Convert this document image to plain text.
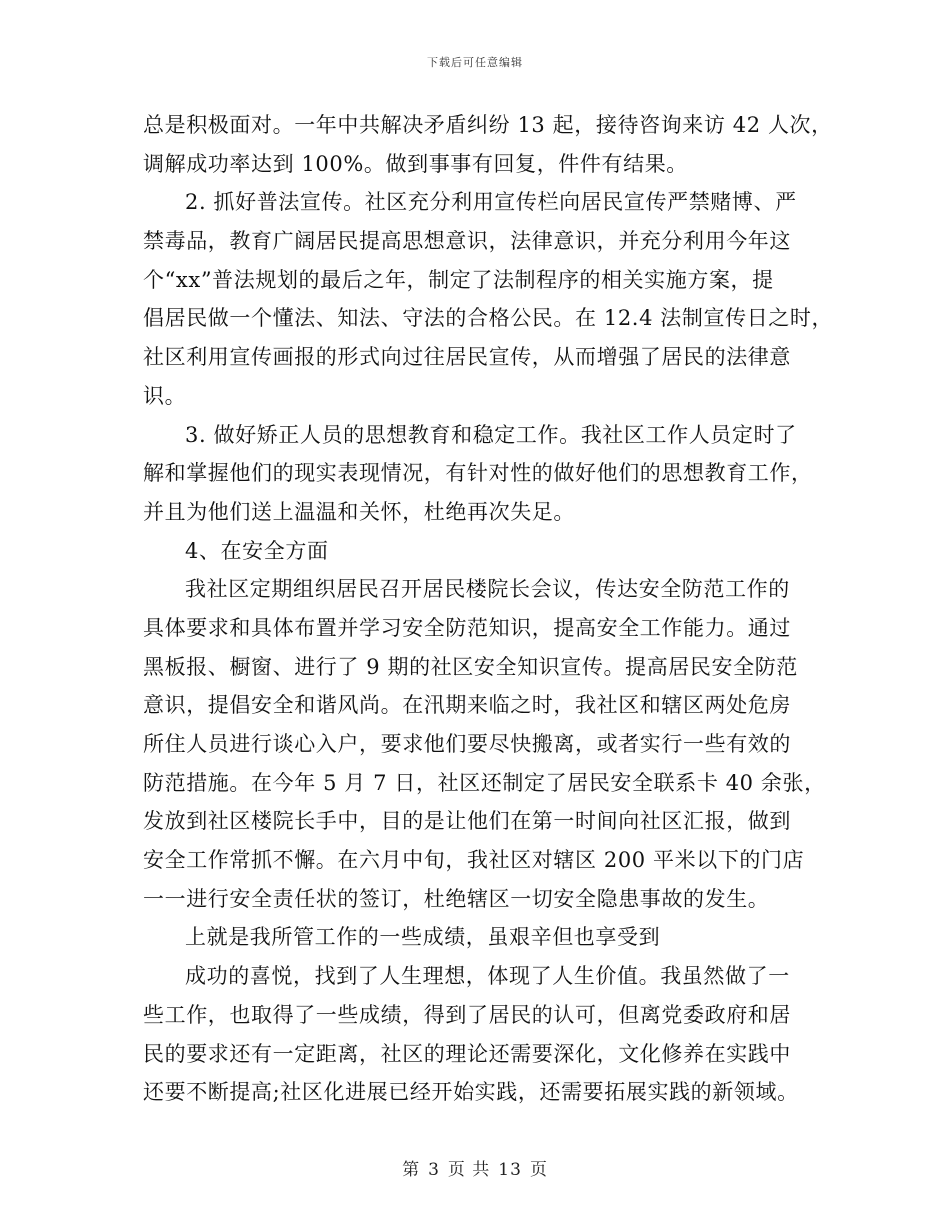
下载后可任意编辑
总是积极面对。一年中共解决矛盾纠纷 13 起，接待咨询来访 42 人次，
调解成功率达到 100%。做到事事有回复，件件有结果。
2. 抓好普法宣传。社区充分利用宣传栏向居民宣传严禁赌博、严
禁毒品，教育广阔居民提高思想意识，法律意识，并充分利用今年这
个“xx”普法规划的最后之年，制定了法制程序的相关实施方案，提
倡居民做一个懂法、知法、守法的合格公民。在 12.4 法制宣传日之时，
社区利用宣传画报的形式向过往居民宣传，从而增强了居民的法律意
识。
3. 做好矫正人员的思想教育和稳定工作。我社区工作人员定时了
解和掌握他们的现实表现情况，有针对性的做好他们的思想教育工作，
并且为他们送上温温和关怀，杜绝再次失足。
4、在安全方面
我社区定期组织居民召开居民楼院长会议，传达安全防范工作的
具体要求和具体布置并学习安全防范知识，提高安全工作能力。通过
黑板报、橱窗、进行了 9 期的社区安全知识宣传。提高居民安全防范
意识，提倡安全和谐风尚。在汛期来临之时，我社区和辖区两处危房
所住人员进行谈心入户，要求他们要尽快搬离，或者实行一些有效的
防范措施。在今年 5 月 7 日，社区还制定了居民安全联系卡 40 余张，
发放到社区楼院长手中，目的是让他们在第一时间向社区汇报，做到
安全工作常抓不懈。在六月中旬，我社区对辖区 200 平米以下的门店
一一进行安全责任状的签订，杜绝辖区一切安全隐患事故的发生。
上就是我所管工作的一些成绩，虽艰辛但也享受到
成功的喜悦，找到了人生理想，体现了人生价值。我虽然做了一
些工作，也取得了一些成绩，得到了居民的认可，但离党委政府和居
民的要求还有一定距离，社区的理论还需要深化，文化修养在实践中
还要不断提高;社区化进展已经开始实践，还需要拓展实践的新领域。
第 3 页 共 13 页
